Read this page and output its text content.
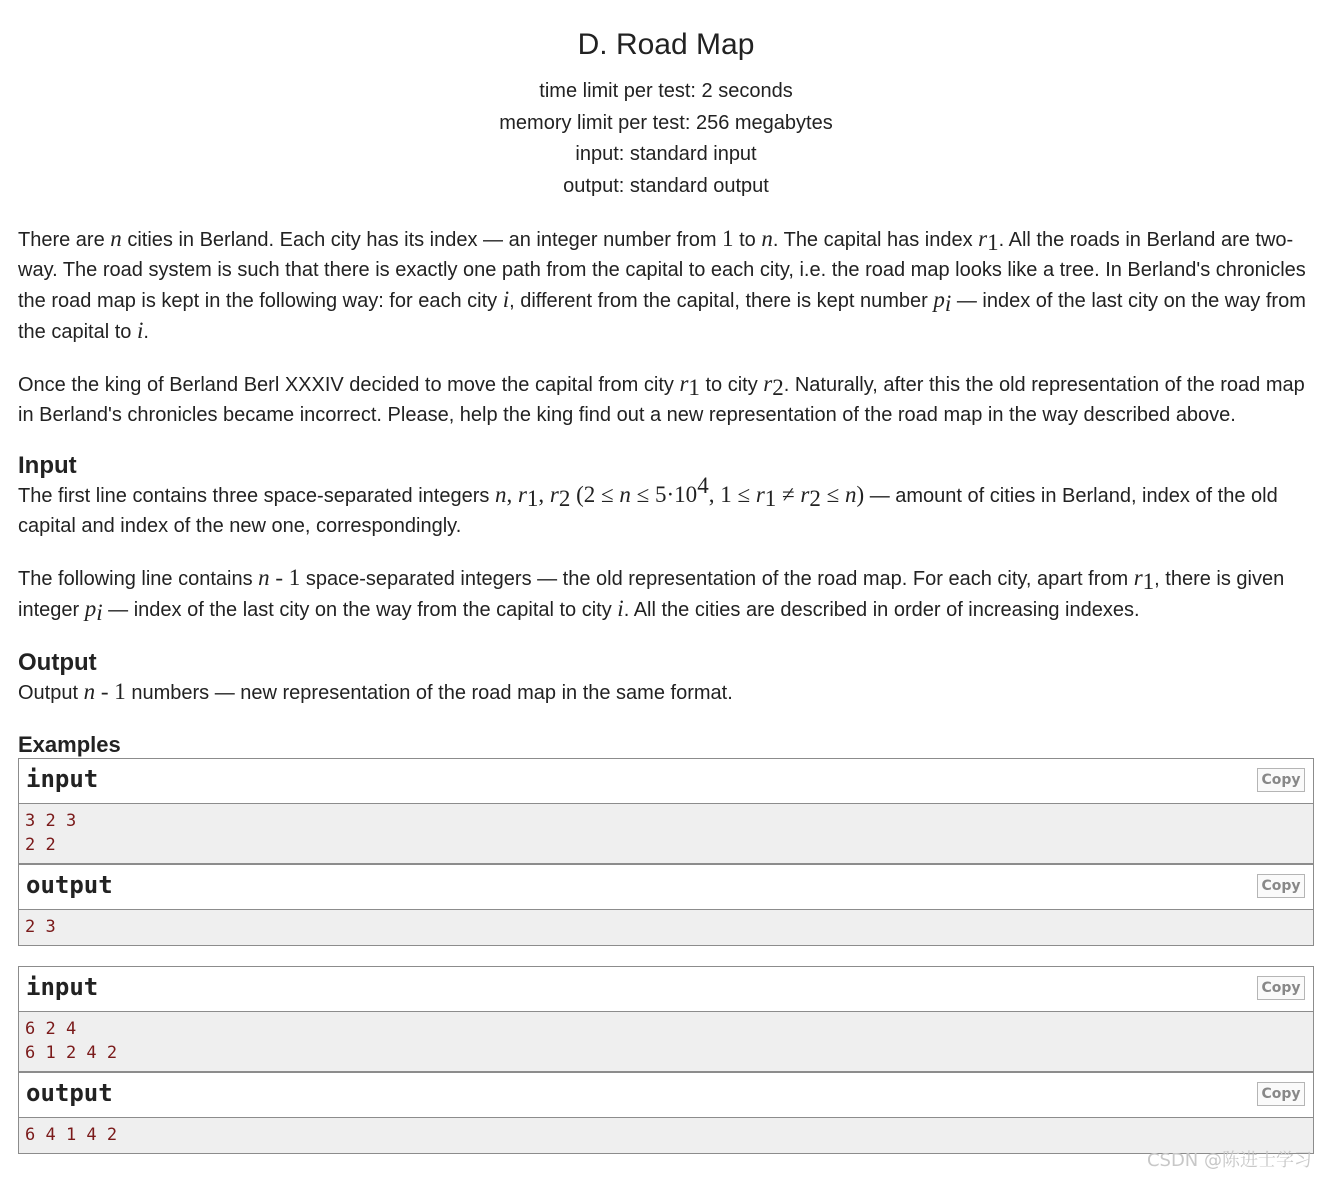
D. Road Map
time limit per test: 2 seconds
memory limit per test: 256 megabytes
input: standard input
output: standard output

There are n cities in Berland. Each city has its index — an integer number from 1 to n. The capital has index $r_1$. All the roads in Berland are two-way. The road system is such that there is exactly one path from the capital to each city, i.e. the road map looks like a tree. In Berland's chronicles the road map is kept in the following way: for each city i, different from the capital, there is kept number $p_i$ — index of the last city on the way from the capital to i.

Once the king of Berland Berl XXXIV decided to move the capital from city $r_1$ to city $r_2$. Naturally, after this the old representation of the road map in Berland's chronicles became incorrect. Please, help the king find out a new representation of the road map in the way described above.

Input

The first line contains three space-separated integers n, $r_1$, $r_2$ ($2 \le n \le 5\cdot 10^4$, $1 \le r_1 \ne r_2 \le n$) — amount of cities in Berland, index of the old capital and index of the new one, correspondingly.

The following line contains n - 1 space-separated integers — the old representation of the road map. For each city, apart from $r_1$, there is given integer $p_i$ — index of the last city on the way from the capital to city i. All the cities are described in order of increasing indexes.

Output

Output n - 1 numbers — new representation of the road map in the same format.

Examples
input	Copy
3 2 3
2 2
output	Copy
2 3
input	Copy
6 2 4
6 1 2 4 2
output	Copy
6 4 1 4 2
CSDN @陈进士学习
